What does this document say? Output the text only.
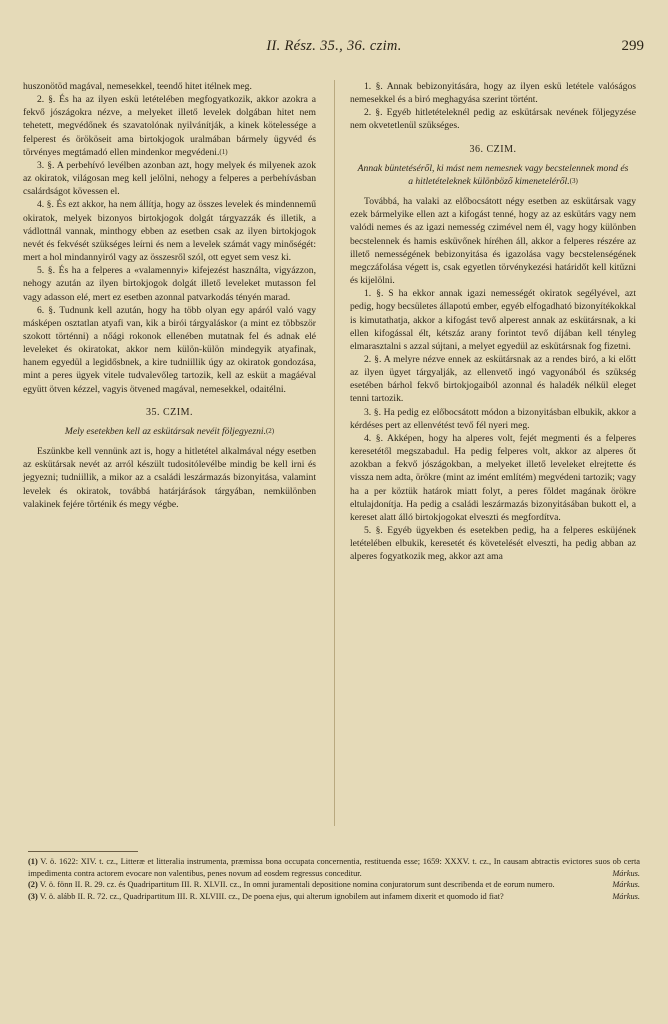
II. Rész. 35., 36. czim.	299

huszonötöd magával, nemesekkel, teendő hitet itélnek meg.

2. §. És ha az ilyen eskü letételében megfogyatkozik, akkor azokra a fekvő jószágokra nézve, a melyeket illető levelek dolgában hitet nem tehetett, megvédőnek és szavatolónak nyilvánítják, a kinek kötelessége a felperest és örököseit ama birtokjogok uralmában bármely ügyvéd és törvényes megtámadó ellen mindenkor megvédeni.$^{(1)}$

3. §. A perbehívó levélben azonban azt, hogy melyek és milyenek azok az okiratok, világosan meg kell jelölni, nehogy a felperes a perbehívásban csalárdságot kövessen el.

4. §. És ezt akkor, ha nem állítja, hogy az összes levelek és mindennemű okiratok, melyek bizonyos birtokjogok dolgát tárgyazzák és illetik, a vádlottnál vannak, minthogy ebben az esetben csak az ilyen birtokjogok nevét és fekvését szükséges leírni és nem a levelek számát vagy minőségét: mert a hol mindannyiról vagy az összesről szól, ott egyet sem vesz ki.

5. §. És ha a felperes a «valamennyi» kifejezést használta, vigyázzon, nehogy azután az ilyen birtokjogok dolgát illető leveleket mutasson fel vagy adasson elé, mert ez esetben azonnal patvarkodás tényén marad.

6. §. Tudnunk kell azután, hogy ha több olyan egy apáról való vagy másképen osztatlan atyafi van, kik a birói tárgyaláskor (a mint ez többször szokott történni) a nőági rokonok ellenében mutatnak fel és adnak elé leveleket és okiratokat, akkor nem külön-külön mindegyik atyafinak, hanem egyedül a legidősbnek, a kire tudniillik úgy az okiratok gondozása, mint a peres ügyek vitele tudvalevőleg tartozik, kell az esküt a magáéval együtt ötven kézzel, vagyis ötvened magával, nemesekkel, odaitélni.

35. CZIM.
Mely esetekben kell az eskütársak nevéit följegyezni.$^{(2)}$

Eszünkbe kell vennünk azt is, hogy a hitletétel alkalmával négy esetben az eskütársak nevét az arról készült tudositólevélbe mindig be kell irni és jegyezni; tudniillik, a mikor az a családi leszármazás bizonyitása, valamint levelek és okiratok, továbbá határjárások tárgyában, nemkülönben valakinek fejére történik és megy végbe.

1. §. Annak bebizonyitására, hogy az ilyen eskü letétele valóságos nemesekkel és a biró meghagyása szerint történt.

2. §. Egyéb hitletételeknél pedig az eskütársak nevének följegyzése nem okvetetlenül szükséges.

36. CZIM.
Annak büntetéséről, ki mást nem nemesnek vagy becstelennek mond és a hitletételeknek különböző kimeneteléről.$^{(3)}$

Továbbá, ha valaki az előbocsátott négy esetben az eskütársak vagy ezek bármelyike ellen azt a kifogást tenné, hogy az az eskütárs vagy nem valódi nemes és az igazi nemesség czimével nem él, vagy hogy különben becstelennek és hamis esküvőnek híréhen áll, akkor a felperes részére az illető nemességének bebizonyitása és igazolása vagy becstelenségének megczáfolása végett is, csak egyetlen törvénykezési határidőt kell kitűzni és kijelölni.

1. §. S ha ekkor annak igazi nemességét okiratok segélyével, azt pedig, hogy becsületes állapotú ember, egyéb elfogadható bizonyítékokkal is kimutathatja, akkor a kifogást tevő alperest annak az eskütársnak, a ki ellen kifogással élt, kétszáz arany forintot tevő díjában kell tényleg elmarasztalni s azzal sújtani, a melyet egyedül az eskütársnak fog fizetni.

2. §. A melyre nézve ennek az eskütársnak az a rendes biró, a ki előtt az ilyen ügyet tárgyalják, az ellenvető ingó vagyonából és szükség esetében bárhol fekvő birtokjogaiból azonnal és haladék nélkül eleget tenni tartozik.

3. §. Ha pedig ez előbocsátott módon a bizonyitásban elbukik, akkor a kérdéses pert az ellenvétést tevő fél nyeri meg.

4. §. Akképen, hogy ha alperes volt, fejét megmenti és a felperes keresetétől megszabadul. Ha pedig felperes volt, akkor az alperes őt azokban a fekvő jószágokban, a melyeket illető leveleket elrejtette és vissza nem adta, örökre (mint az imént említém) megvédeni tartozik; vagy ha a per köztük határok miatt folyt, a peres földet magának örökre eltulajdonítja. Ha pedig a családi leszármazás bizonyitásában bukott el, a kereset alatt álló birtokjogokat elveszti és megfordítva.

5. §. Egyéb ügyekben és esetekben pedig, ha a felperes esküjének letételében elbukik, keresetét és követelését elveszti, ha pedig abban az alperes fogyatkozik meg, akkor azt ama

(1) V. ö. 1622: XIV. t. cz., Litteræ et litteralia instrumenta, præmissa bona occupata concernentia, restituenda esse; 1659: XXXV. t. cz., In causam abtractis evictores suos ob certa impedimenta contra actorem evocare non valentibus, penes novum ad eosdem regressus conceditur.	Márkus.

(2) V. ö. fönn II. R. 29. cz. és Quadripartitum III. R. XLVII. cz., In omni juramentali depositione nomina conjuratorum sunt describenda et de eorum numero.	Márkus.

(3) V. ö. alább II. R. 72. cz., Quadripartitum III. R. XLVIII. cz., De poena ejus, qui alterum ignobilem aut infamem dixerit et quomodo id fiat?	Márkus.
